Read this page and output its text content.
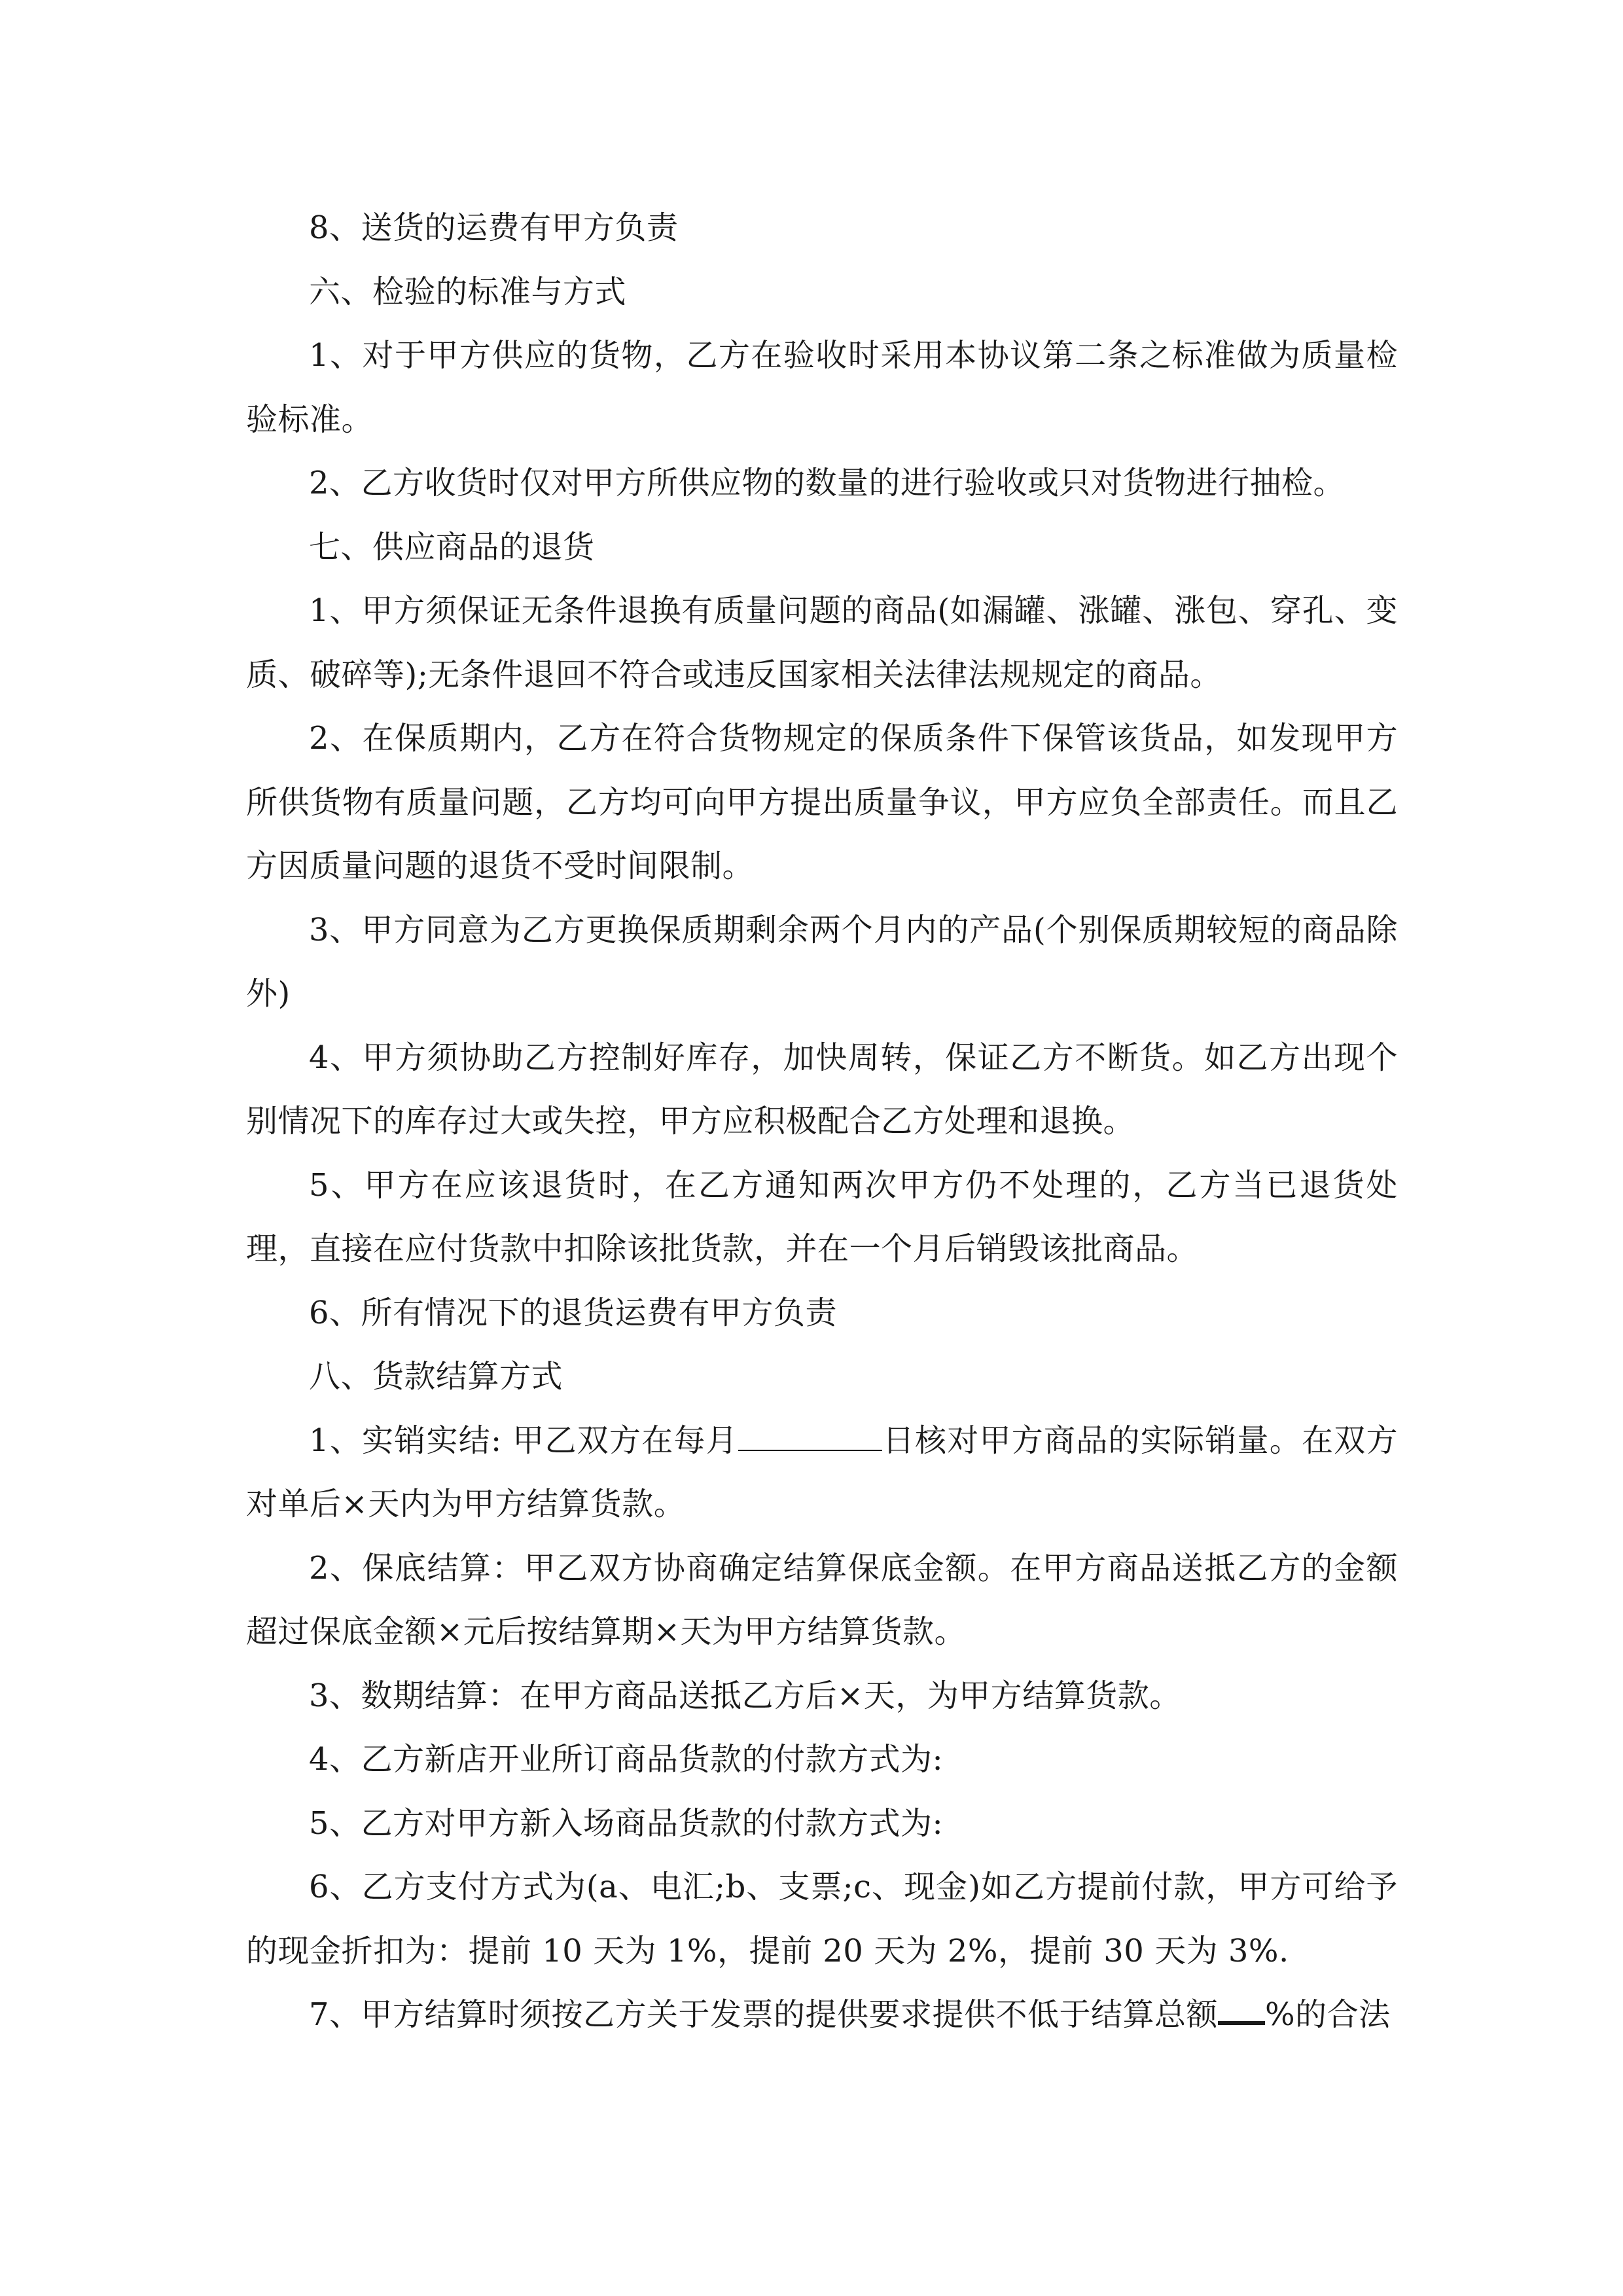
8、送货的运费有甲方负责

六、检验的标准与方式

1、对于甲方供应的货物，乙方在验收时采用本协议第二条之标准做为质量检验标准。

2、乙方收货时仅对甲方所供应物的数量的进行验收或只对货物进行抽检。

七、供应商品的退货

1、甲方须保证无条件退换有质量问题的商品(如漏罐、涨罐、涨包、穿孔、变质、破碎等);无条件退回不符合或违反国家相关法律法规规定的商品。

2、在保质期内，乙方在符合货物规定的保质条件下保管该货品，如发现甲方所供货物有质量问题，乙方均可向甲方提出质量争议，甲方应负全部责任。而且乙方因质量问题的退货不受时间限制。

3、甲方同意为乙方更换保质期剩余两个月内的产品(个别保质期较短的商品除外)

4、甲方须协助乙方控制好库存，加快周转，保证乙方不断货。如乙方出现个别情况下的库存过大或失控，甲方应积极配合乙方处理和退换。

5、甲方在应该退货时，在乙方通知两次甲方仍不处理的，乙方当已退货处理，直接在应付货款中扣除该批货款，并在一个月后销毁该批商品。

6、所有情况下的退货运费有甲方负责

八、货款结算方式

1、实销实结: 甲乙双方在每月	日核对甲方商品的实际销量。在双方对单后×天内为甲方结算货款。

2、保底结算：甲乙双方协商确定结算保底金额。在甲方商品送抵乙方的金额超过保底金额×元后按结算期×天为甲方结算货款。

3、数期结算：在甲方商品送抵乙方后×天，为甲方结算货款。

4、乙方新店开业所订商品货款的付款方式为:

5、乙方对甲方新入场商品货款的付款方式为:

6、乙方支付方式为(a、电汇;b、支票;c、现金)如乙方提前付款，甲方可给予的现金折扣为：提前 10 天为 1%，提前 20 天为 2%，提前 30 天为 3%.

7、甲方结算时须按乙方关于发票的提供要求提供不低于结算总额 %的合法
